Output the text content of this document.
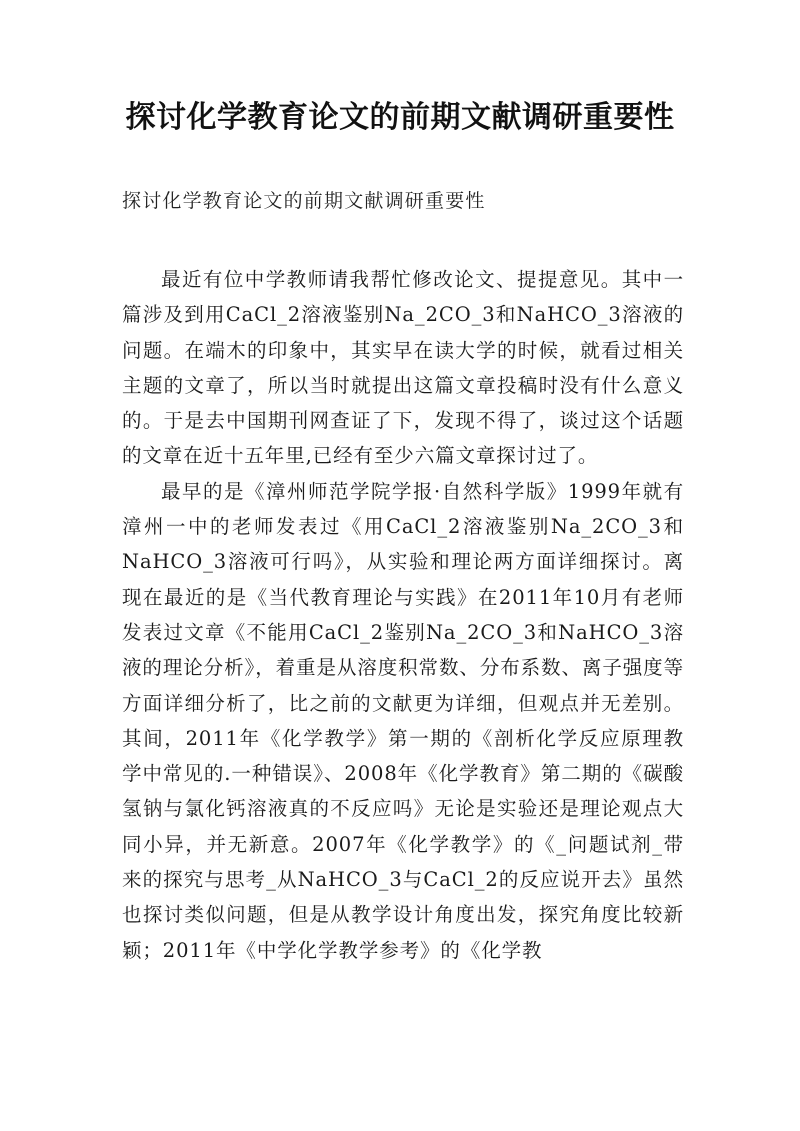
探讨化学教育论文的前期文献调研重要性

探讨化学教育论文的前期文献调研重要性

最近有位中学教师请我帮忙修改论文、提提意见。其中一篇涉及到用CaCl_2溶液鉴别Na_2CO_3和NaHCO_3溶液的问题。在端木的印象中，其实早在读大学的时候，就看过相关主题的文章了，所以当时就提出这篇文章投稿时没有什么意义的。于是去中国期刊网查证了下，发现不得了，谈过这个话题的文章在近十五年里,已经有至少六篇文章探讨过了。

最早的是《漳州师范学院学报·自然科学版》1999年就有漳州一中的老师发表过《用CaCl_2溶液鉴别Na_2CO_3和NaHCO_3溶液可行吗》，从实验和理论两方面详细探讨。离现在最近的是《当代教育理论与实践》在2011年10月有老师发表过文章《不能用CaCl_2鉴别Na_2CO_3和NaHCO_3溶液的理论分析》，着重是从溶度积常数、分布系数、离子强度等方面详细分析了，比之前的文献更为详细，但观点并无差别。其间，2011年《化学教学》第一期的《剖析化学反应原理教学中常见的.一种错误》、2008年《化学教育》第二期的《碳酸氢钠与氯化钙溶液真的不反应吗》无论是实验还是理论观点大同小异，并无新意。2007年《化学教学》的《_问题试剂_带来的探究与思考_从NaHCO_3与CaCl_2的反应说开去》虽然也探讨类似问题，但是从教学设计角度出发，探究角度比较新颖；2011年《中学化学教学参考》的《化学教
